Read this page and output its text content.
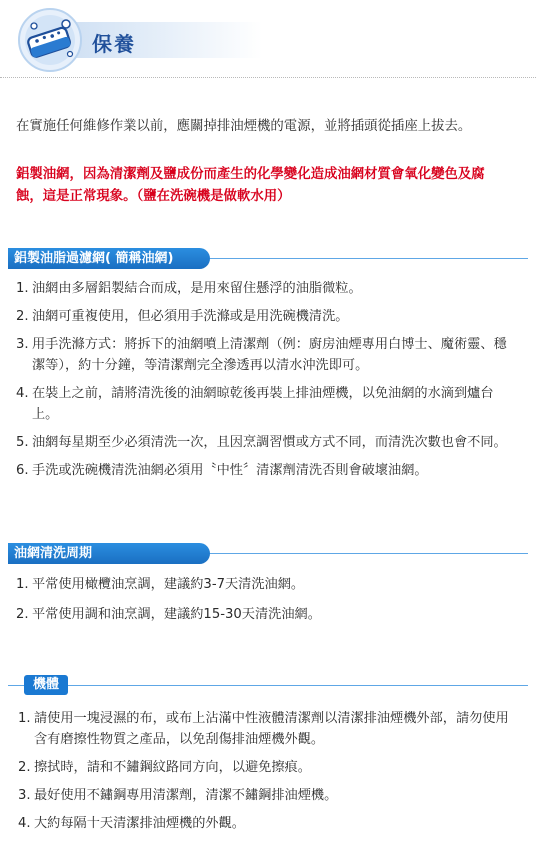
保養

在實施任何維修作業以前，應關掉排油煙機的電源，並將插頭從插座上拔去。

鋁製油網，因為清潔劑及鹽成份而產生的化學變化造成油網材質會氧化變色及腐蝕，這是正常現象。（鹽在洗碗機是做軟水用）

鋁製油脂過濾網( 簡稱油網)
1. 油網由多層鋁製結合而成，是用來留住懸浮的油脂微粒。
2. 油網可重複使用，但必須用手洗滌或是用洗碗機清洗。
3. 用手洗滌方式：將拆下的油網噴上清潔劑（例：廚房油煙專用白博士、魔術靈、穩潔等），約十分鐘，等清潔劑完全滲透再以清水沖洗即可。
4. 在裝上之前，請將清洗後的油網晾乾後再裝上排油煙機，以免油網的水滴到爐台上。
5. 油網每星期至少必須清洗一次，且因烹調習慣或方式不同，而清洗次數也會不同。
6. 手洗或洗碗機清洗油網必須用〝中性〞清潔劑清洗否則會破壞油網。
油網清洗周期
1. 平常使用橄欖油烹調，建議約3-7天清洗油網。
2. 平常使用調和油烹調，建議約15-30天清洗油網。
機體
1. 請使用一塊浸濕的布，或布上沾滿中性液體清潔劑以清潔排油煙機外部，請勿使用含有磨擦性物質之產品，以免刮傷排油煙機外觀。
2. 擦拭時，請和不鏽鋼紋路同方向，以避免擦痕。
3. 最好使用不鏽鋼專用清潔劑，清潔不鏽鋼排油煙機。
4. 大約每隔十天清潔排油煙機的外觀。
